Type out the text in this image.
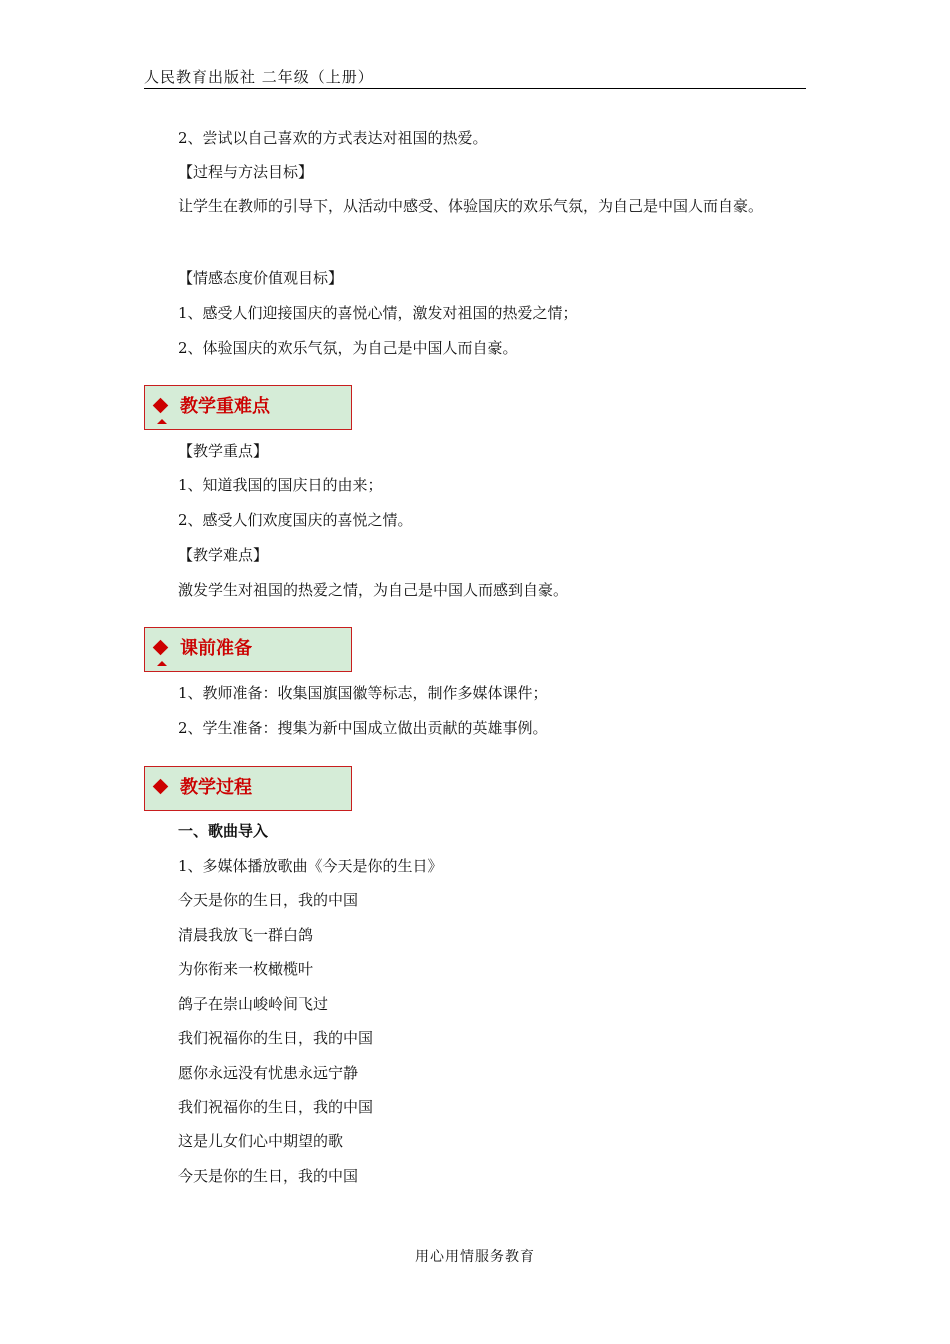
人民教育出版社 二年级（上册）
2、尝试以自己喜欢的方式表达对祖国的热爱。
【过程与方法目标】
让学生在教师的引导下，从活动中感受、体验国庆的欢乐气氛，为自己是中国人而自豪。
【情感态度价值观目标】
1、感受人们迎接国庆的喜悦心情，激发对祖国的热爱之情；
2、体验国庆的欢乐气氛，为自己是中国人而自豪。
教学重难点
【教学重点】
1、知道我国的国庆日的由来；
2、感受人们欢度国庆的喜悦之情。
【教学难点】
激发学生对祖国的热爱之情，为自己是中国人而感到自豪。
课前准备
1、教师准备：收集国旗国徽等标志，制作多媒体课件；
2、学生准备：搜集为新中国成立做出贡献的英雄事例。
教学过程
一、歌曲导入
1、多媒体播放歌曲《今天是你的生日》
今天是你的生日，我的中国
清晨我放飞一群白鸽
为你衔来一枚橄榄叶
鸽子在崇山峻岭间飞过
我们祝福你的生日，我的中国
愿你永远没有忧患永远宁静
我们祝福你的生日，我的中国
这是儿女们心中期望的歌
今天是你的生日，我的中国
用心用情服务教育
